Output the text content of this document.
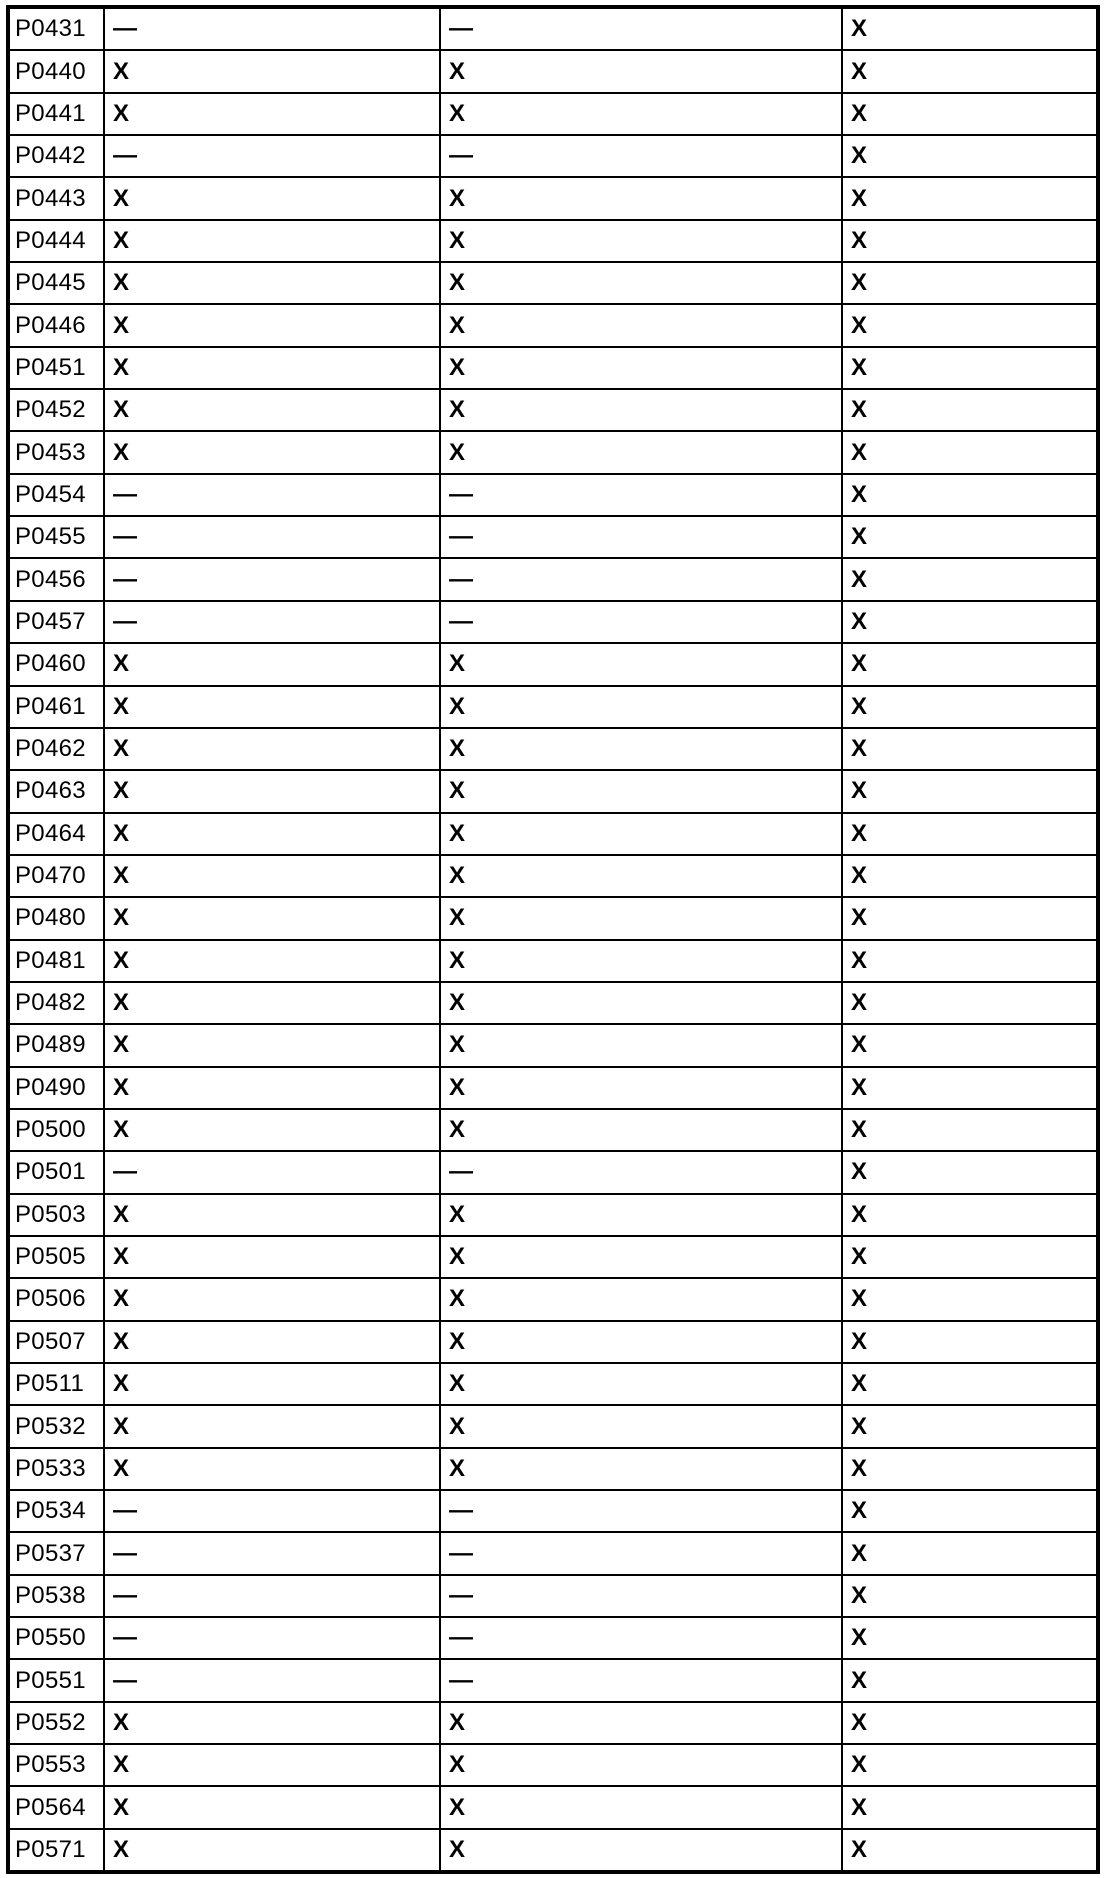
P0431	—	—	X
P0440	X	X	X
P0441	X	X	X
P0442	—	—	X
P0443	X	X	X
P0444	X	X	X
P0445	X	X	X
P0446	X	X	X
P0451	X	X	X
P0452	X	X	X
P0453	X	X	X
P0454	—	—	X
P0455	—	—	X
P0456	—	—	X
P0457	—	—	X
P0460	X	X	X
P0461	X	X	X
P0462	X	X	X
P0463	X	X	X
P0464	X	X	X
P0470	X	X	X
P0480	X	X	X
P0481	X	X	X
P0482	X	X	X
P0489	X	X	X
P0490	X	X	X
P0500	X	X	X
P0501	—	—	X
P0503	X	X	X
P0505	X	X	X
P0506	X	X	X
P0507	X	X	X
P0511	X	X	X
P0532	X	X	X
P0533	X	X	X
P0534	—	—	X
P0537	—	—	X
P0538	—	—	X
P0550	—	—	X
P0551	—	—	X
P0552	X	X	X
P0553	X	X	X
P0564	X	X	X
P0571	X	X	X
